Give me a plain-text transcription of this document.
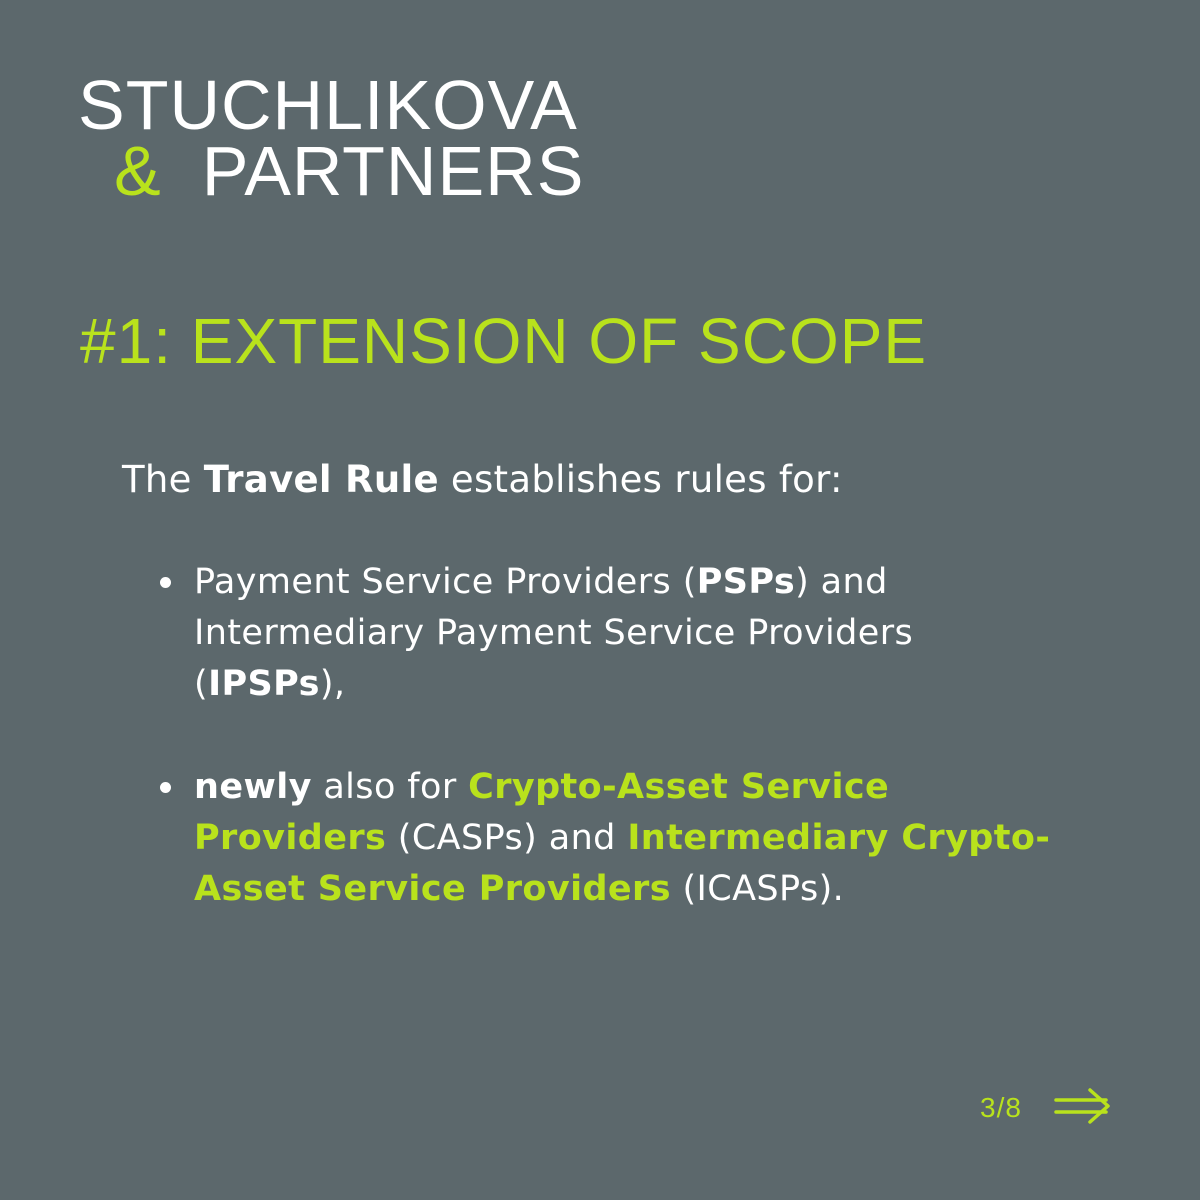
STUCHLIKOVA
& PARTNERS
#1: EXTENSION OF SCOPE

The Travel Rule establishes rules for:

Payment Service Providers (PSPs) and Intermediary Payment Service Providers (IPSPs),
newly also for Crypto-Asset Service Providers (CASPs) and Intermediary Crypto-Asset Service Providers (ICASPs).
3/8
